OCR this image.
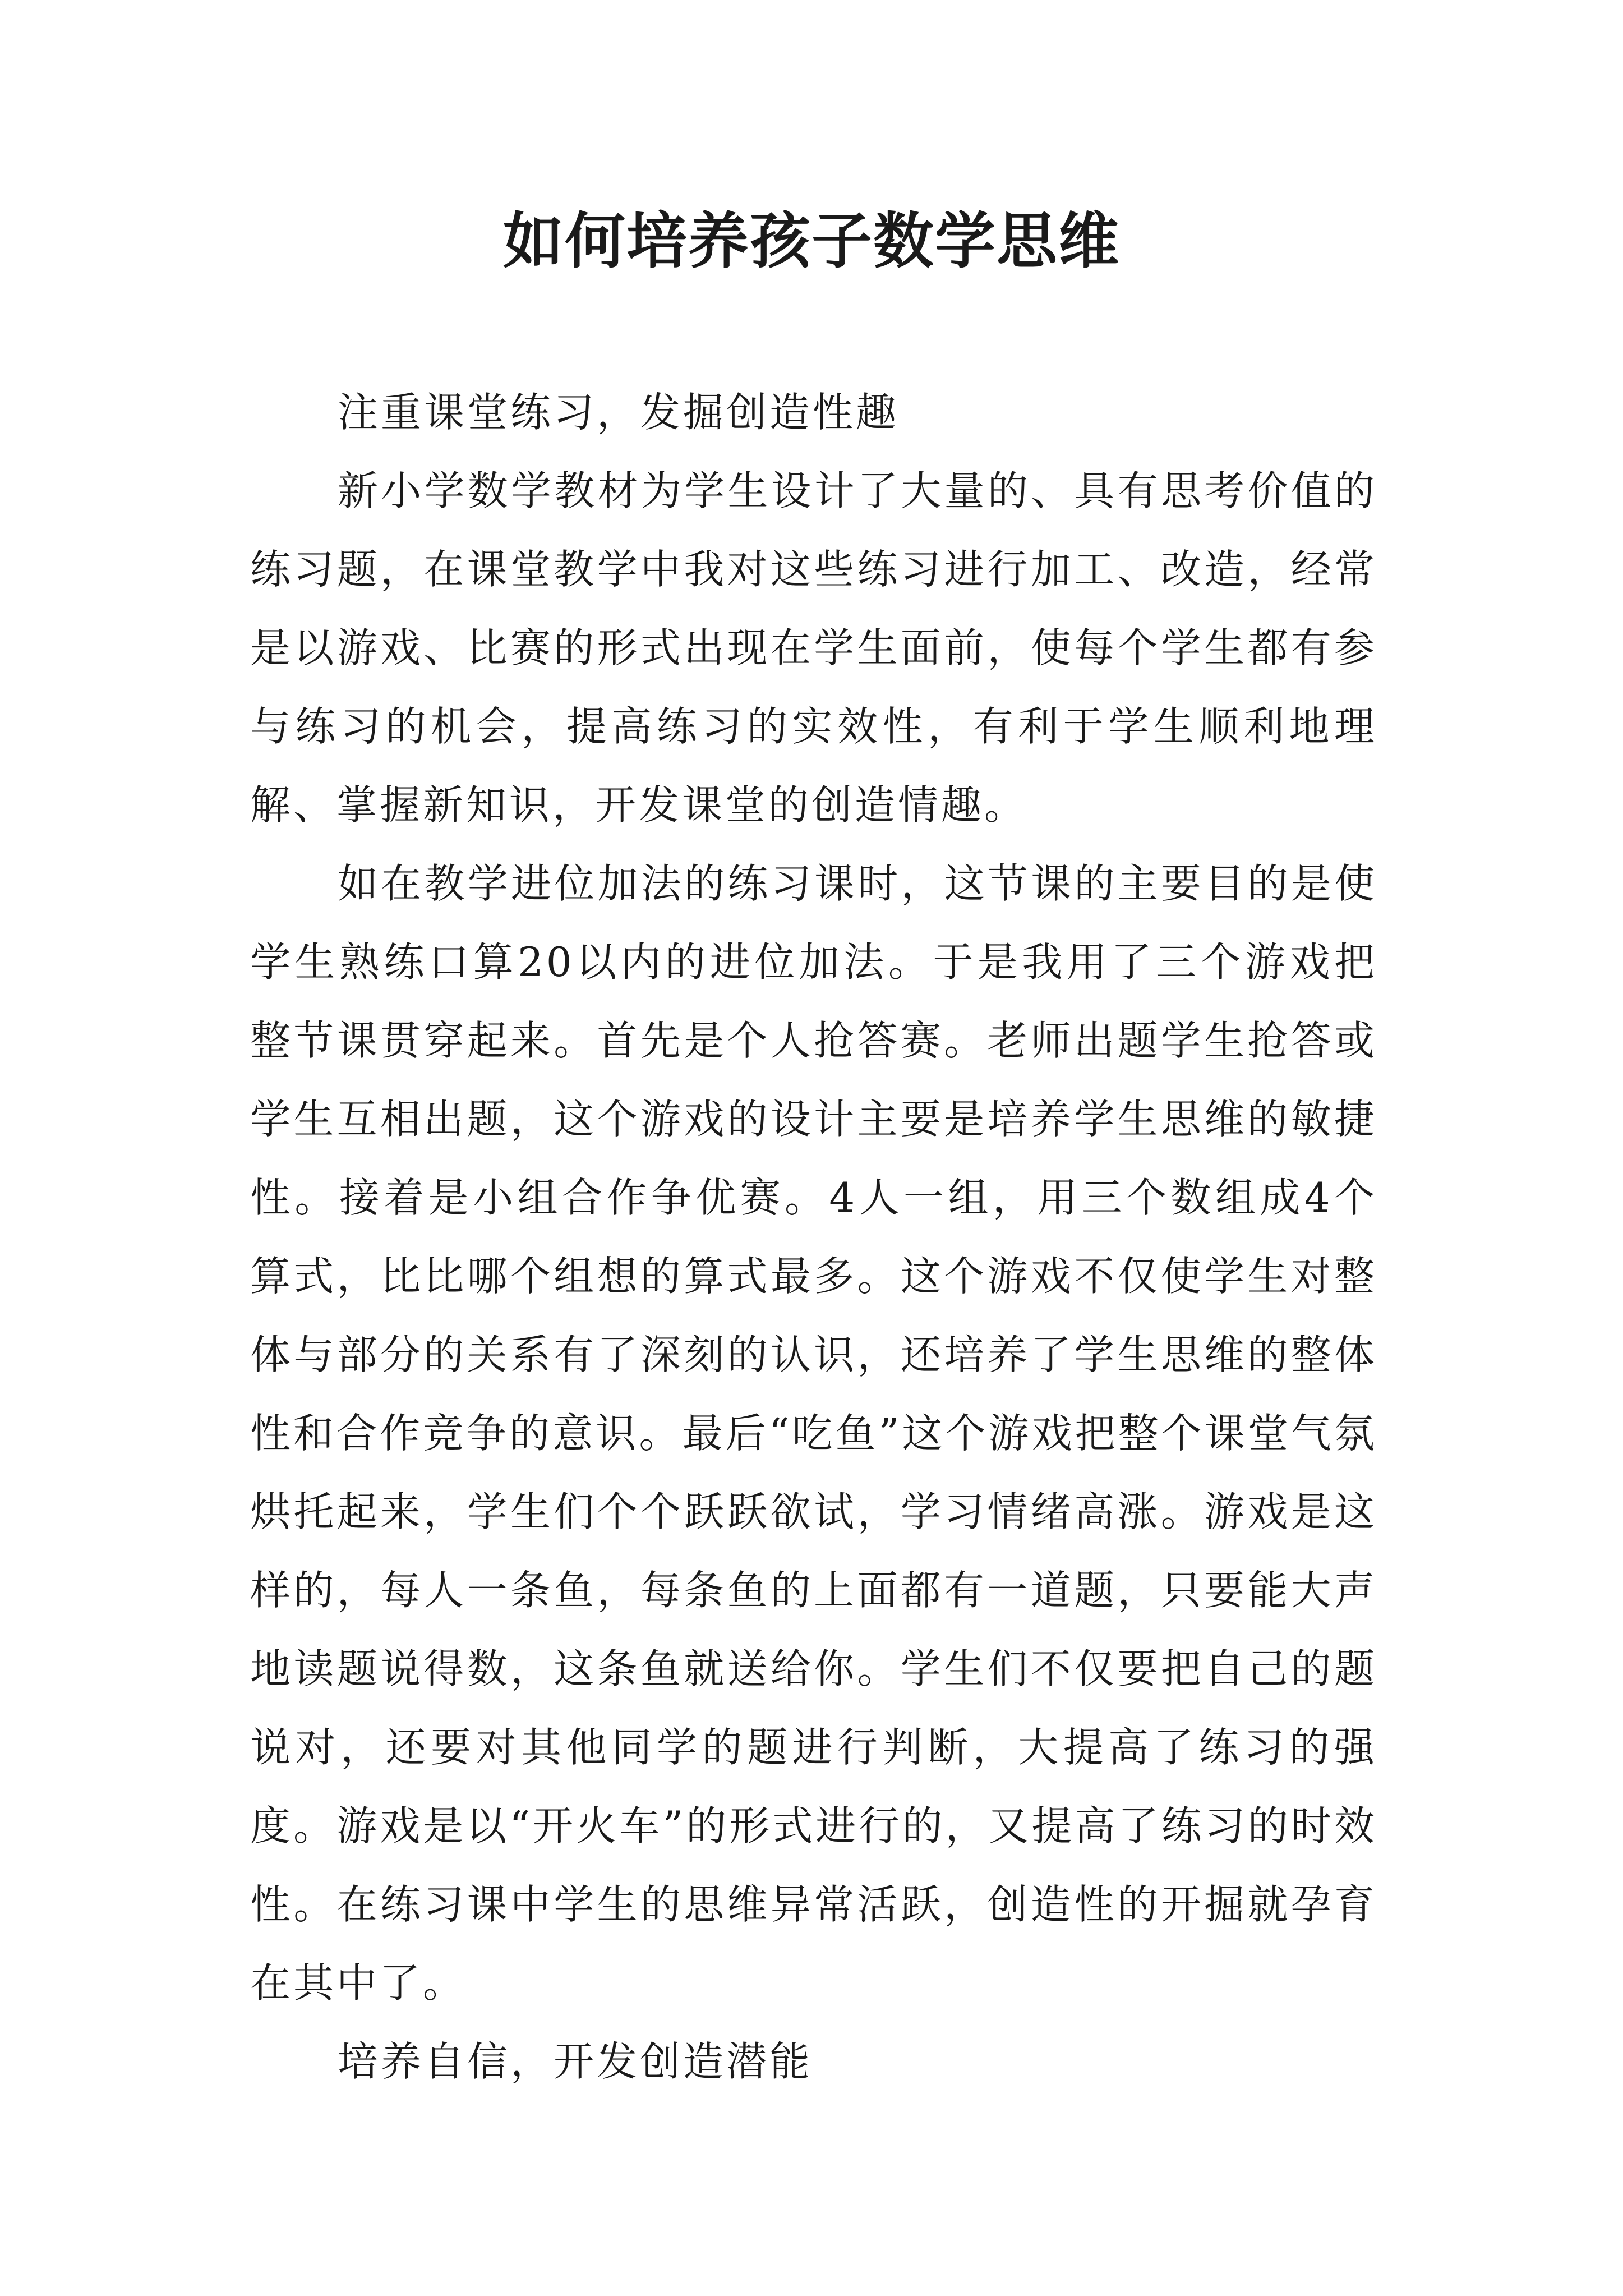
如何培养孩子数学思维

注重课堂练习，发掘创造性趣

新小学数学教材为学生设计了大量的、具有思考价值的练习题，在课堂教学中我对这些练习进行加工、改造，经常是以游戏、比赛的形式出现在学生面前，使每个学生都有参与练习的机会，提高练习的实效性，有利于学生顺利地理解、掌握新知识，开发课堂的创造情趣。

如在教学进位加法的练习课时，这节课的主要目的是使学生熟练口算20以内的进位加法。于是我用了三个游戏把整节课贯穿起来。首先是个人抢答赛。老师出题学生抢答或学生互相出题，这个游戏的设计主要是培养学生思维的敏捷性。接着是小组合作争优赛。4人一组，用三个数组成4个算式，比比哪个组想的算式最多。这个游戏不仅使学生对整体与部分的关系有了深刻的认识，还培养了学生思维的整体性和合作竞争的意识。最后“吃鱼”这个游戏把整个课堂气氛烘托起来，学生们个个跃跃欲试，学习情绪高涨。游戏是这样的，每人一条鱼，每条鱼的上面都有一道题，只要能大声地读题说得数，这条鱼就送给你。学生们不仅要把自己的题说对，还要对其他同学的题进行判断，大提高了练习的强度。游戏是以“开火车”的形式进行的，又提高了练习的时效性。在练习课中学生的思维异常活跃，创造性的开掘就孕育在其中了。

培养自信，开发创造潜能
